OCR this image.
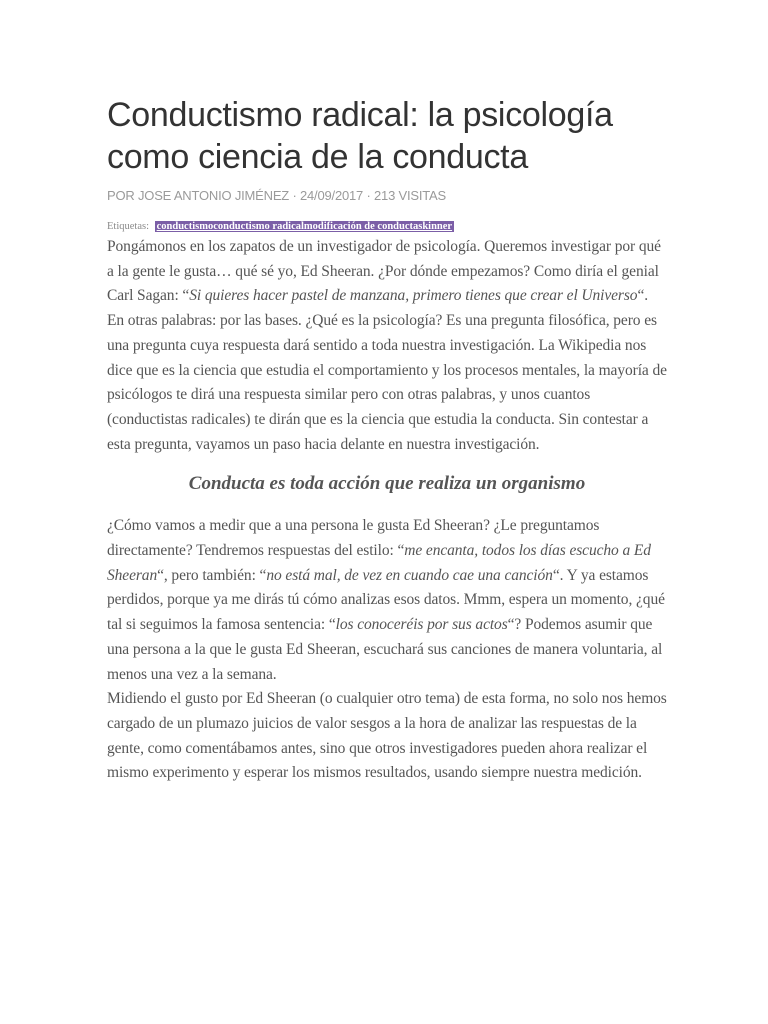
Conductismo radical: la psicología como ciencia de la conducta
POR JOSE ANTONIO JIMÉNEZ · 24/09/2017 · 213 VISITAS
Etiquetas: conductismoconductismo radicalmodificación de conductaskinner

Pongámonos en los zapatos de un investigador de psicología. Queremos investigar por qué a la gente le gusta… qué sé yo, Ed Sheeran. ¿Por dónde empezamos? Como diría el genial Carl Sagan: “Si quieres hacer pastel de manzana, primero tienes que crear el Universo“. En otras palabras: por las bases. ¿Qué es la psicología? Es una pregunta filosófica, pero es una pregunta cuya respuesta dará sentido a toda nuestra investigación. La Wikipedia nos dice que es la ciencia que estudia el comportamiento y los procesos mentales, la mayoría de psicólogos te dirá una respuesta similar pero con otras palabras, y unos cuantos (conductistas radicales) te dirán que es la ciencia que estudia la conducta. Sin contestar a esta pregunta, vayamos un paso hacia delante en nuestra investigación.

Conducta es toda acción que realiza un organismo

¿Cómo vamos a medir que a una persona le gusta Ed Sheeran? ¿Le preguntamos directamente? Tendremos respuestas del estilo: “me encanta, todos los días escucho a Ed Sheeran“, pero también: “no está mal, de vez en cuando cae una canción“. Y ya estamos perdidos, porque ya me dirás tú cómo analizas esos datos. Mmm, espera un momento, ¿qué tal si seguimos la famosa sentencia: “los conoceréis por sus actos“? Podemos asumir que una persona a la que le gusta Ed Sheeran, escuchará sus canciones de manera voluntaria, al menos una vez a la semana.

Midiendo el gusto por Ed Sheeran (o cualquier otro tema) de esta forma, no solo nos hemos cargado de un plumazo juicios de valor sesgos a la hora de analizar las respuestas de la gente, como comentábamos antes, sino que otros investigadores pueden ahora realizar el mismo experimento y esperar los mismos resultados, usando siempre nuestra medición.
